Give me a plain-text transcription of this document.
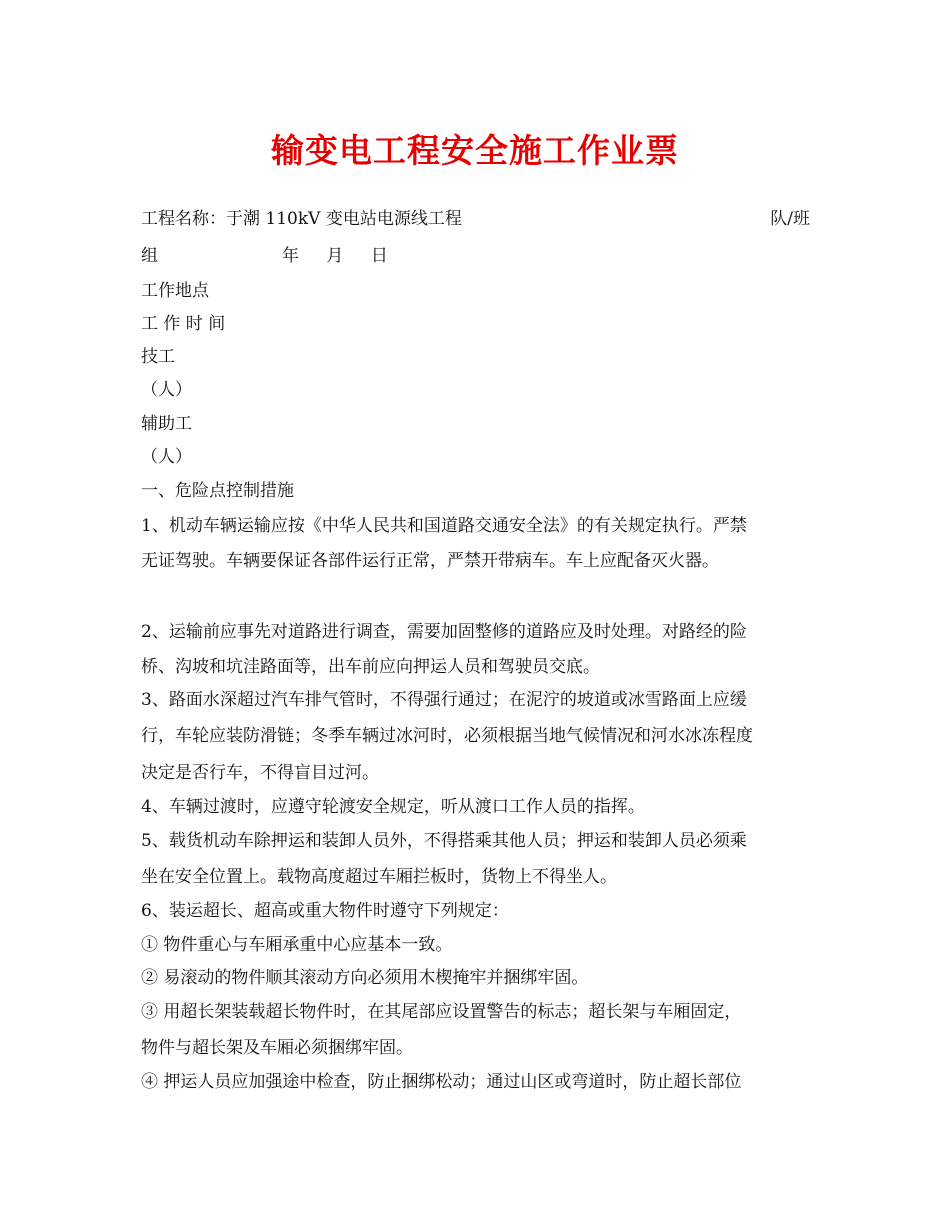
输变电工程安全施工作业票
工程名称：于潮 110kV 变电站电源线工程	队/班
组	年 月 日
工作地点
工 作 时 间
技工
（人）
辅助工
（人）
一、危险点控制措施
1、机动车辆运输应按《中华人民共和国道路交通安全法》的有关规定执行。严禁
无证驾驶。车辆要保证各部件运行正常，严禁开带病车。车上应配备灭火器。
2、运输前应事先对道路进行调查，需要加固整修的道路应及时处理。对路经的险
桥、沟坡和坑洼路面等，出车前应向押运人员和驾驶员交底。
3、路面水深超过汽车排气管时，不得强行通过；在泥泞的坡道或冰雪路面上应缓
行，车轮应装防滑链；冬季车辆过冰河时，必须根据当地气候情况和河水冰冻程度
决定是否行车，不得盲目过河。
4、车辆过渡时，应遵守轮渡安全规定，听从渡口工作人员的指挥。
5、载货机动车除押运和装卸人员外，不得搭乘其他人员；押运和装卸人员必须乘
坐在安全位置上。载物高度超过车厢拦板时，货物上不得坐人。
6、装运超长、超高或重大物件时遵守下列规定：
① 物件重心与车厢承重中心应基本一致。
② 易滚动的物件顺其滚动方向必须用木楔掩牢并捆绑牢固。
③ 用超长架装载超长物件时，在其尾部应设置警告的标志；超长架与车厢固定，
物件与超长架及车厢必须捆绑牢固。
④ 押运人员应加强途中检查，防止捆绑松动；通过山区或弯道时，防止超长部位
